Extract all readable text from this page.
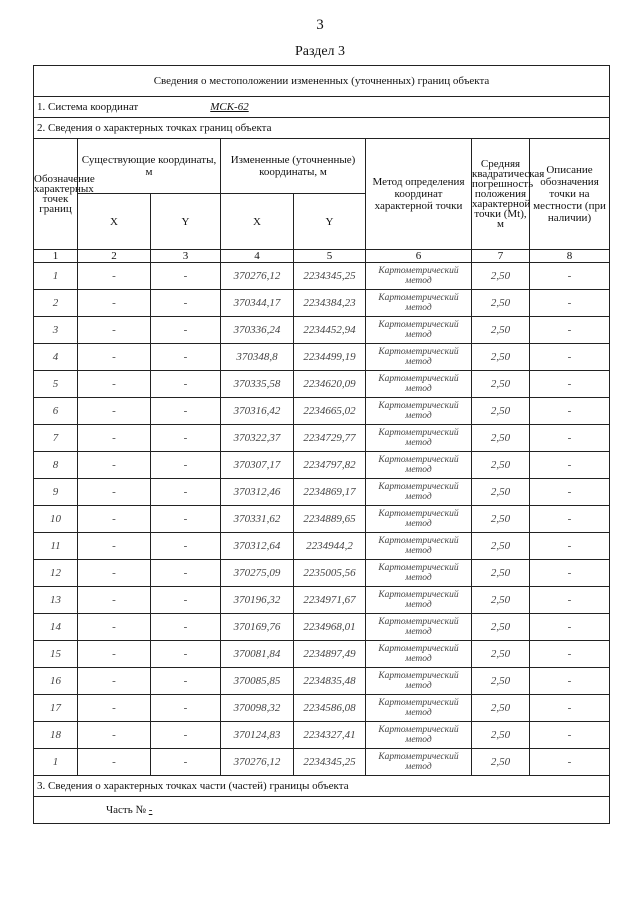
3
Раздел 3
Сведения о местоположении измененных (уточненных) границ объекта							
1. Система координат МСК-62							
2. Сведения о характерных точках границ объекта							
Обозначение характерных точек границ	Существующие координаты, м		Измененные (уточненные) координаты, м		Метод определения координат характерной точки	Средняя квадратическая погрешность положения характерной точки (Mt), м	Описание обозначения точки на местности (при наличии)
	X	Y	X	Y			
1	2	3	4	5	6	7	8
1	-	-	370276,12	2234345,25	Картометрический метод	2,50	-
2	-	-	370344,17	2234384,23	Картометрический метод	2,50	-
3	-	-	370336,24	2234452,94	Картометрический метод	2,50	-
4	-	-	370348,8	2234499,19	Картометрический метод	2,50	-
5	-	-	370335,58	2234620,09	Картометрический метод	2,50	-
6	-	-	370316,42	2234665,02	Картометрический метод	2,50	-
7	-	-	370322,37	2234729,77	Картометрический метод	2,50	-
8	-	-	370307,17	2234797,82	Картометрический метод	2,50	-
9	-	-	370312,46	2234869,17	Картометрический метод	2,50	-
10	-	-	370331,62	2234889,65	Картометрический метод	2,50	-
11	-	-	370312,64	2234944,2	Картометрический метод	2,50	-
12	-	-	370275,09	2235005,56	Картометрический метод	2,50	-
13	-	-	370196,32	2234971,67	Картометрический метод	2,50	-
14	-	-	370169,76	2234968,01	Картометрический метод	2,50	-
15	-	-	370081,84	2234897,49	Картометрический метод	2,50	-
16	-	-	370085,85	2234835,48	Картометрический метод	2,50	-
17	-	-	370098,32	2234586,08	Картометрический метод	2,50	-
18	-	-	370124,83	2234327,41	Картометрический метод	2,50	-
1	-	-	370276,12	2234345,25	Картометрический метод	2,50	-
3. Сведения о характерных точках части (частей) границы объекта							
Часть № -							
